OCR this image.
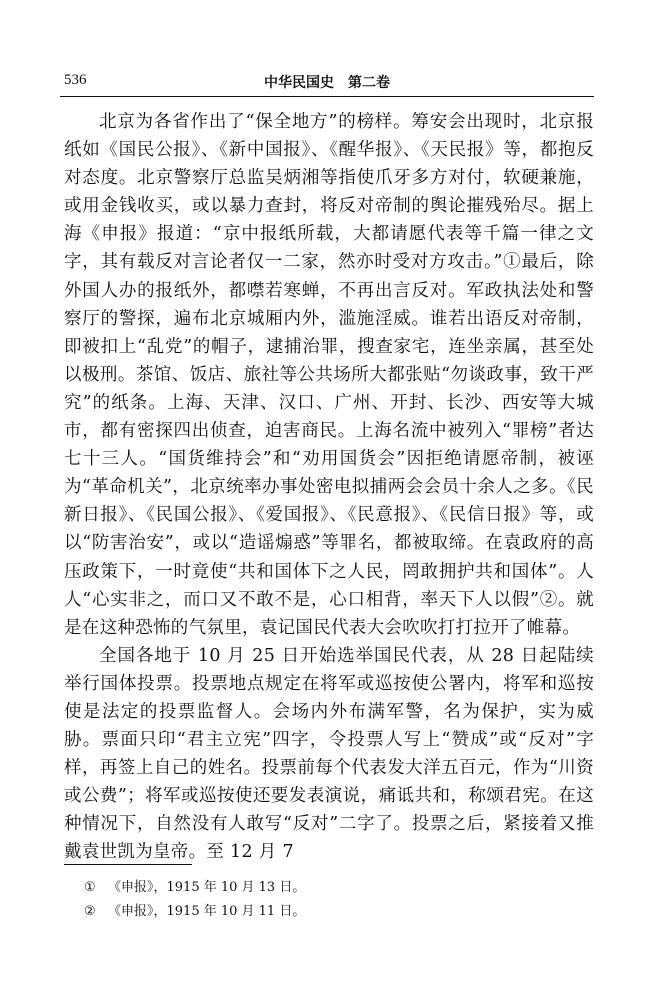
536	中华民国史　第二卷

北京为各省作出了“保全地方”的榜样。筹安会出现时，北京报纸如《国民公报》、《新中国报》、《醒华报》、《天民报》等，都抱反对态度。北京警察厅总监吴炳湘等指使爪牙多方对付，软硬兼施，或用金钱收买，或以暴力查封，将反对帝制的舆论摧残殆尽。据上海《申报》报道：“京中报纸所载，大都请愿代表等千篇一律之文字，其有载反对言论者仅一二家，然亦时受对方攻击。”①最后，除外国人办的报纸外，都噤若寒蝉，不再出言反对。军政执法处和警察厅的警探，遍布北京城厢内外，滥施淫威。谁若出语反对帝制，即被扣上“乱党”的帽子，逮捕治罪，搜查家宅，连坐亲属，甚至处以极刑。茶馆、饭店、旅社等公共场所大都张贴“勿谈政事，致干严究”的纸条。上海、天津、汉口、广州、开封、长沙、西安等大城市，都有密探四出侦查，迫害商民。上海名流中被列入“罪榜”者达七十三人。“国货维持会”和“劝用国货会”因拒绝请愿帝制，被诬为“革命机关”，北京统率办事处密电拟捕两会会员十余人之多。《民新日报》、《民国公报》、《爱国报》、《民意报》、《民信日报》等，或以“防害治安”，或以“造谣煽惑”等罪名，都被取缔。在袁政府的高压政策下，一时竟使“共和国体下之人民，罔敢拥护共和国体”。人人“心实非之，而口又不敢不是，心口相背，率天下人以假”②。就是在这种恐怖的气氛里，袁记国民代表大会吹吹打打拉开了帷幕。

全国各地于 10 月 25 日开始选举国民代表，从 28 日起陆续举行国体投票。投票地点规定在将军或巡按使公署内，将军和巡按使是法定的投票监督人。会场内外布满军警，名为保护，实为威胁。票面只印“君主立宪”四字，令投票人写上“赞成”或“反对”字样，再签上自己的姓名。投票前每个代表发大洋五百元，作为“川资或公费”；将军或巡按使还要发表演说，痛诋共和，称颂君宪。在这种情况下，自然没有人敢写“反对”二字了。投票之后，紧接着又推戴袁世凯为皇帝。至 12 月 7

① 《申报》，1915 年 10 月 13 日。

② 《申报》，1915 年 10 月 11 日。
